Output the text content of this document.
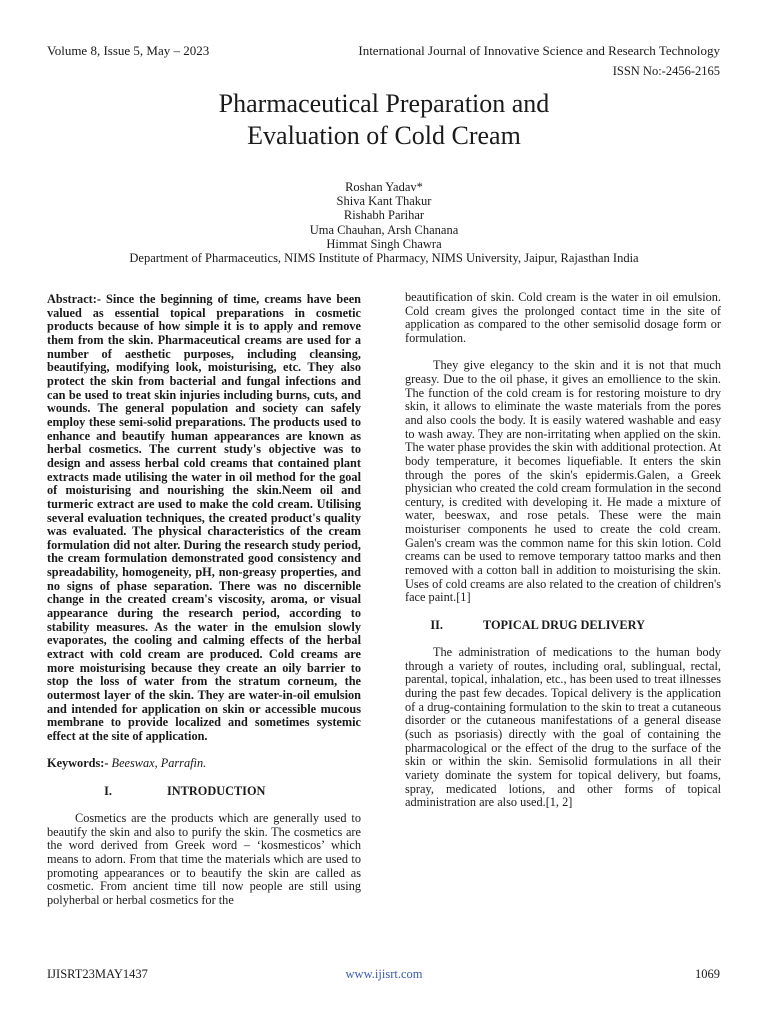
Volume 8, Issue 5, May – 2023	International Journal of Innovative Science and Research Technology
ISSN No:-2456-2165
Pharmaceutical Preparation and
Evaluation of Cold Cream
Roshan Yadav*
Shiva Kant Thakur
Rishabh Parihar
Uma Chauhan, Arsh Chanana
Himmat Singh Chawra
Department of Pharmaceutics, NIMS Institute of Pharmacy, NIMS University, Jaipur, Rajasthan India

Abstract:- Since the beginning of time, creams have been valued as essential topical preparations in cosmetic products because of how simple it is to apply and remove them from the skin. Pharmaceutical creams are used for a number of aesthetic purposes, including cleansing, beautifying, modifying look, moisturising, etc. They also protect the skin from bacterial and fungal infections and can be used to treat skin injuries including burns, cuts, and wounds. The general population and society can safely employ these semi-solid preparations. The products used to enhance and beautify human appearances are known as herbal cosmetics. The current study's objective was to design and assess herbal cold creams that contained plant extracts made utilising the water in oil method for the goal of moisturising and nourishing the skin.Neem oil and turmeric extract are used to make the cold cream. Utilising several evaluation techniques, the created product's quality was evaluated. The physical characteristics of the cream formulation did not alter. During the research study period, the cream formulation demonstrated good consistency and spreadability, homogeneity, pH, non-greasy properties, and no signs of phase separation. There was no discernible change in the created cream's viscosity, aroma, or visual appearance during the research period, according to stability measures. As the water in the emulsion slowly evaporates, the cooling and calming effects of the herbal extract with cold cream are produced. Cold creams are more moisturising because they create an oily barrier to stop the loss of water from the stratum corneum, the outermost layer of the skin. They are water-in-oil emulsion and intended for application on skin or accessible mucous membrane to provide localized and sometimes systemic effect at the site of application.

Keywords:- Beeswax, Parrafin.

I.	INTRODUCTION

Cosmetics are the products which are generally used to beautify the skin and also to purify the skin. The cosmetics are the word derived from Greek word – ‘kosmesticos’ which means to adorn. From that time the materials which are used to promoting appearances or to beautify the skin are called as cosmetic. From ancient time till now people are still using polyherbal or herbal cosmetics for the

beautification of skin. Cold cream is the water in oil emulsion. Cold cream gives the prolonged contact time in the site of application as compared to the other semisolid dosage form or formulation.

They give elegancy to the skin and it is not that much greasy. Due to the oil phase, it gives an emollience to the skin. The function of the cold cream is for restoring moisture to dry skin, it allows to eliminate the waste materials from the pores and also cools the body. It is easily watered washable and easy to wash away. They are non-irritating when applied on the skin. The water phase provides the skin with additional protection. At body temperature, it becomes liquefiable. It enters the skin through the pores of the skin's epidermis.Galen, a Greek physician who created the cold cream formulation in the second century, is credited with developing it. He made a mixture of water, beeswax, and rose petals. These were the main moisturiser components he used to create the cold cream. Galen's cream was the common name for this skin lotion. Cold creams can be used to remove temporary tattoo marks and then removed with a cotton ball in addition to moisturising the skin. Uses of cold creams are also related to the creation of children's face paint.[1]

II.	TOPICAL DRUG DELIVERY

The administration of medications to the human body through a variety of routes, including oral, sublingual, rectal, parental, topical, inhalation, etc., has been used to treat illnesses during the past few decades. Topical delivery is the application of a drug-containing formulation to the skin to treat a cutaneous disorder or the cutaneous manifestations of a general disease (such as psoriasis) directly with the goal of containing the pharmacological or the effect of the drug to the surface of the skin or within the skin. Semisolid formulations in all their variety dominate the system for topical delivery, but foams, spray, medicated lotions, and other forms of topical administration are also used.[1, 2]

IJISRT23MAY1437	www.ijisrt.com	1069
